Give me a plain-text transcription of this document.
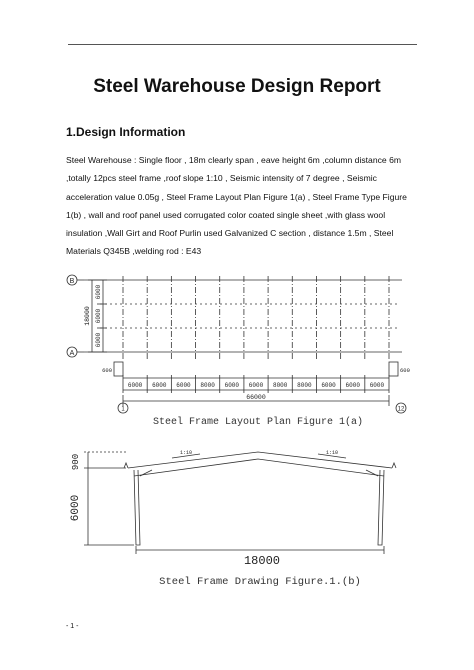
Steel Warehouse Design Report
1.Design Information
Steel Warehouse : Single floor , 18m clearly span , eave height 6m ,column distance 6m ,totally 12pcs steel frame ,roof slope 1:10 , Seismic intensity of 7 degree , Seismic acceleration value 0.05g , Steel Frame Layout Plan Figure 1(a) , Steel Frame Type Figure 1(b) , wall and roof panel used corrugated color coated single sheet ,with glass wool insulation ,Wall Girt and Roof Purlin used Galvanized C section , distance 1.5m , Steel Materials Q345B ,welding rod : E43
B
A
1	12
18000
6000
6000
6000
600	600
6000 6000 6000 8000 6000 6000 8000 8000 6000 6000 6000
66000
Steel Frame Layout Plan Figure 1(a)
1:10	1:10
900
6000
18000
Steel Frame Drawing Figure.1.(b)
- 1 -
